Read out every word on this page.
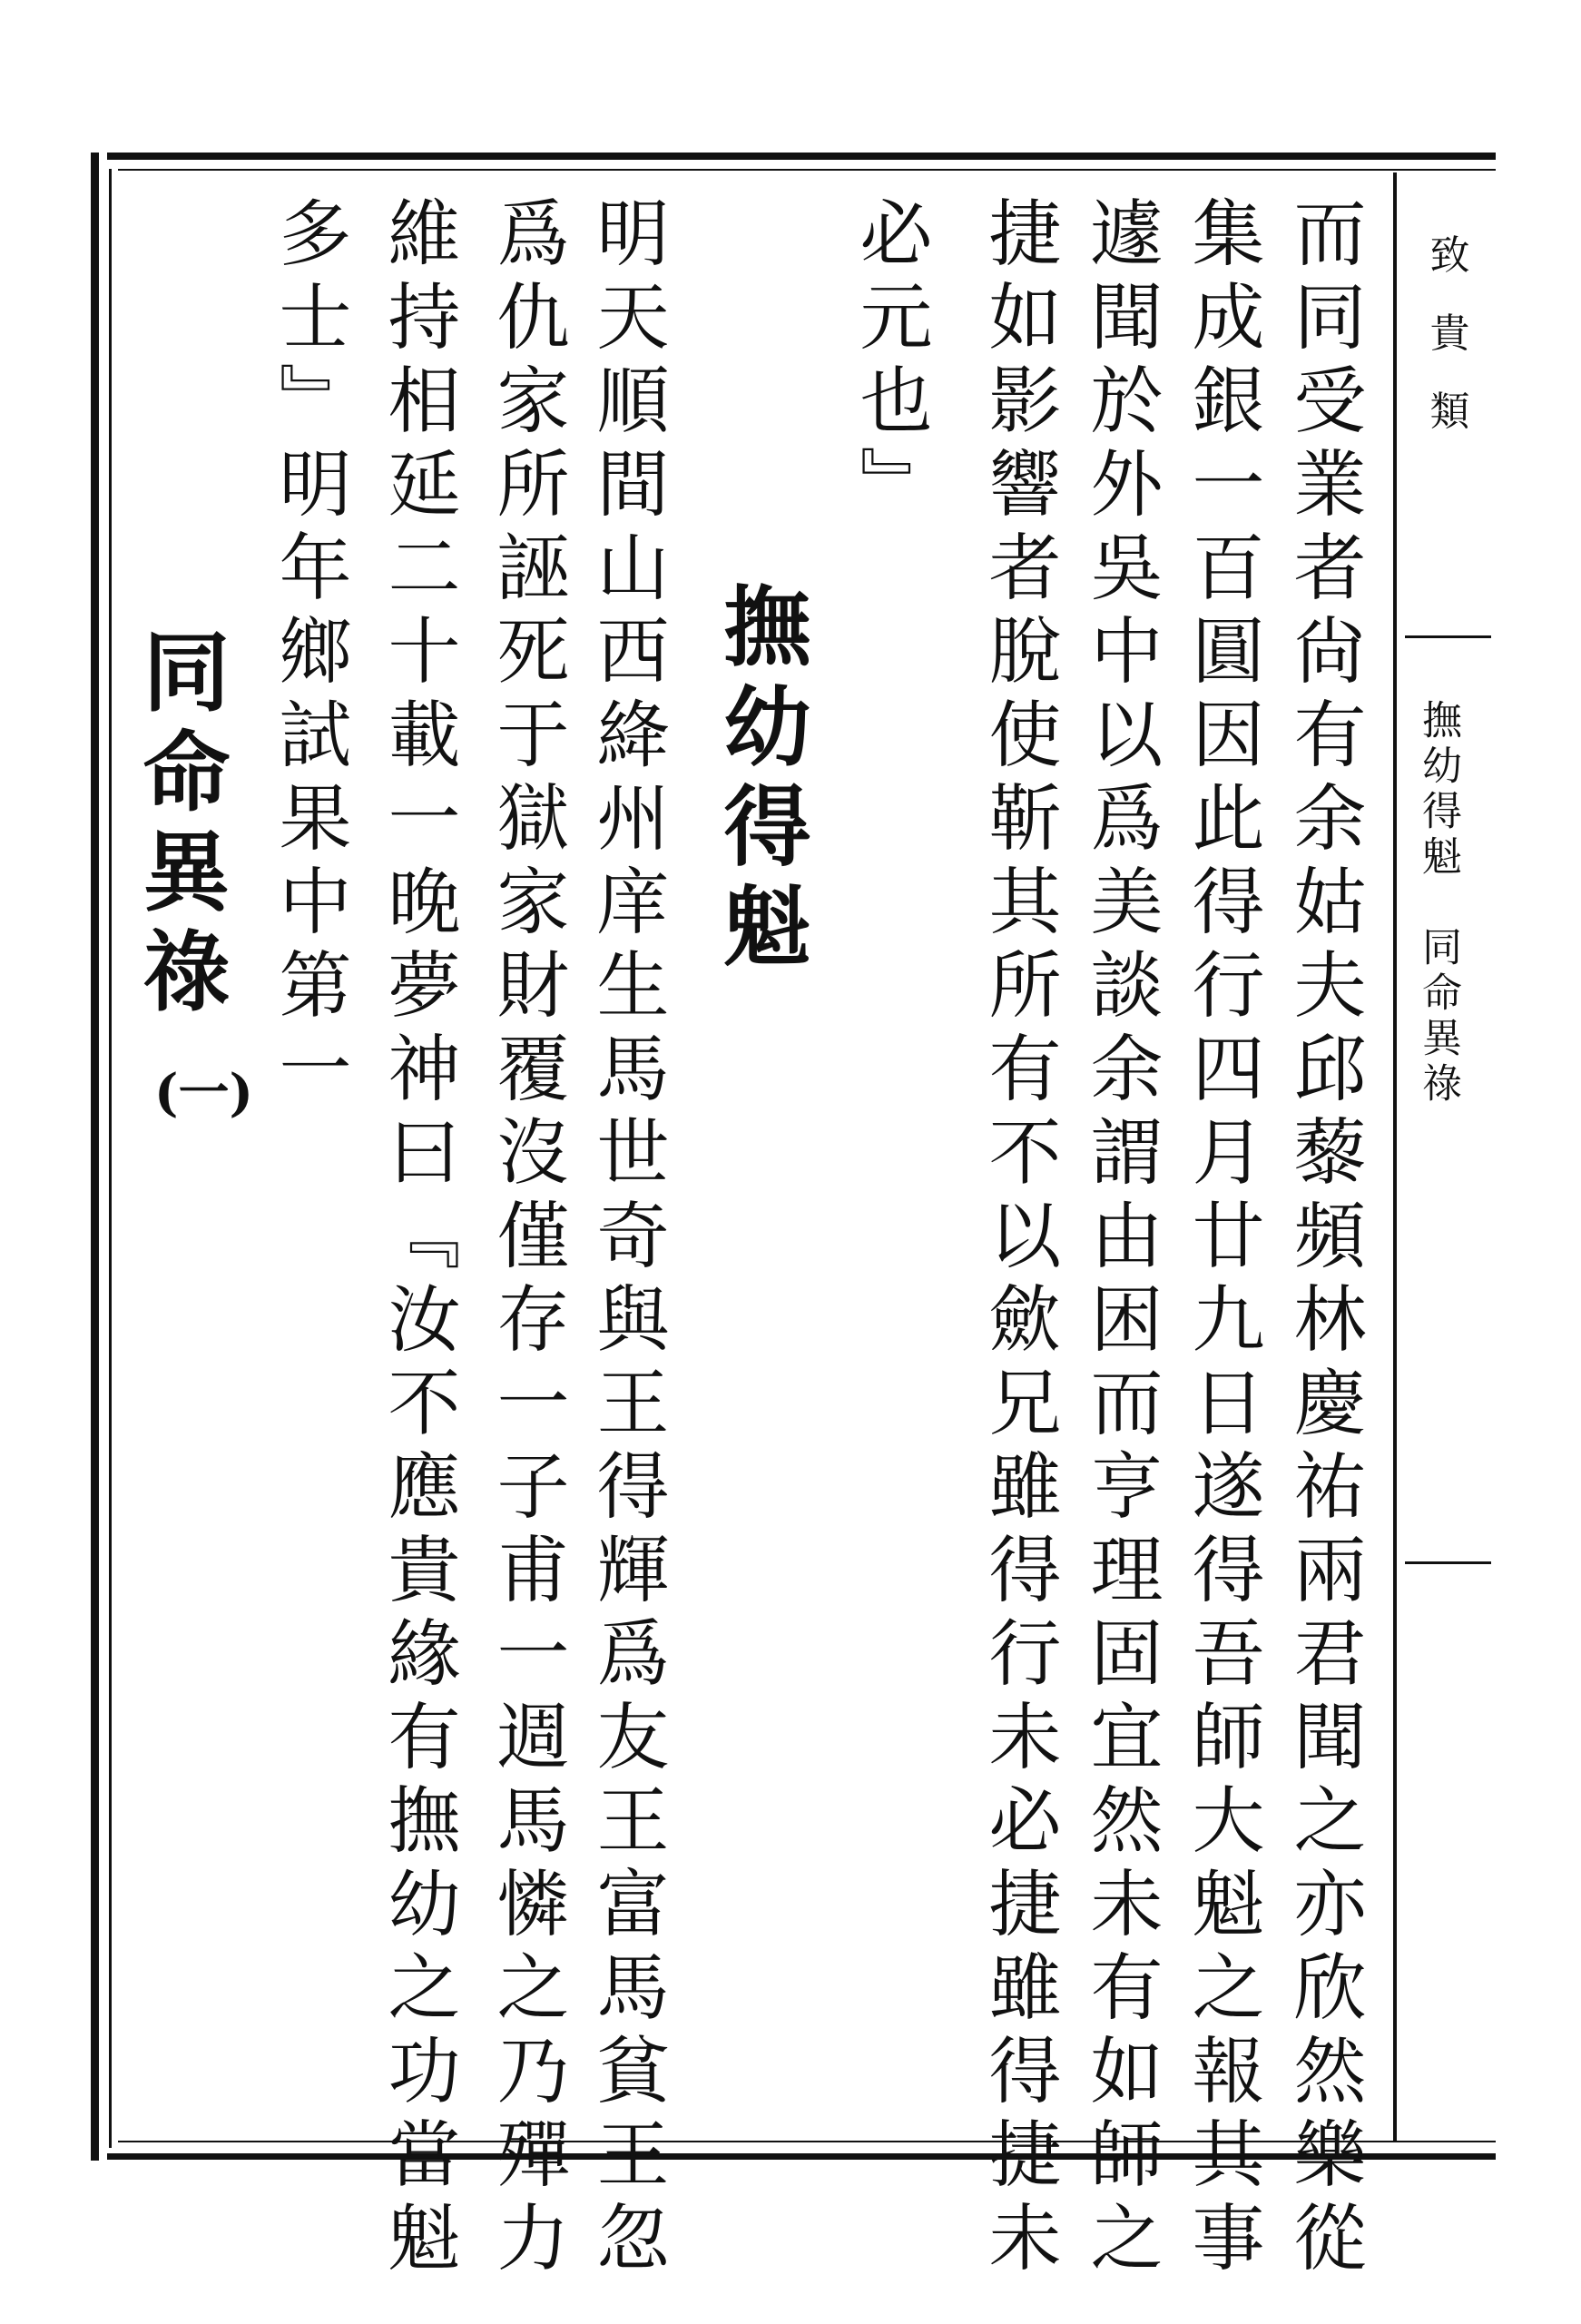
致
貴
類
撫幼得魁　同命異祿
而同受業者尙有余姑夫邱藜頻林慶祐兩君聞之亦欣然樂從
集成銀一百圓因此得行四月廿九日遂得吾師大魁之報其事
遽聞於外吳中以爲美談余謂由困而亨理固宜然未有如師之
捷如影響者脫使靳其所有不以歛兄雖得行未必捷雖得捷未
必元也』
撫幼得魁
明天順間山西絳州庠生馬世奇與王得輝爲友王富馬貧王忽
爲仇家所誣死于獄家財覆沒僅存一子甫一週馬憐之乃殫力
維持相延二十載一晚夢神曰『汝不應貴緣有撫幼之功當魁
多士』明年鄉試果中第一
同命異祿
(一)
